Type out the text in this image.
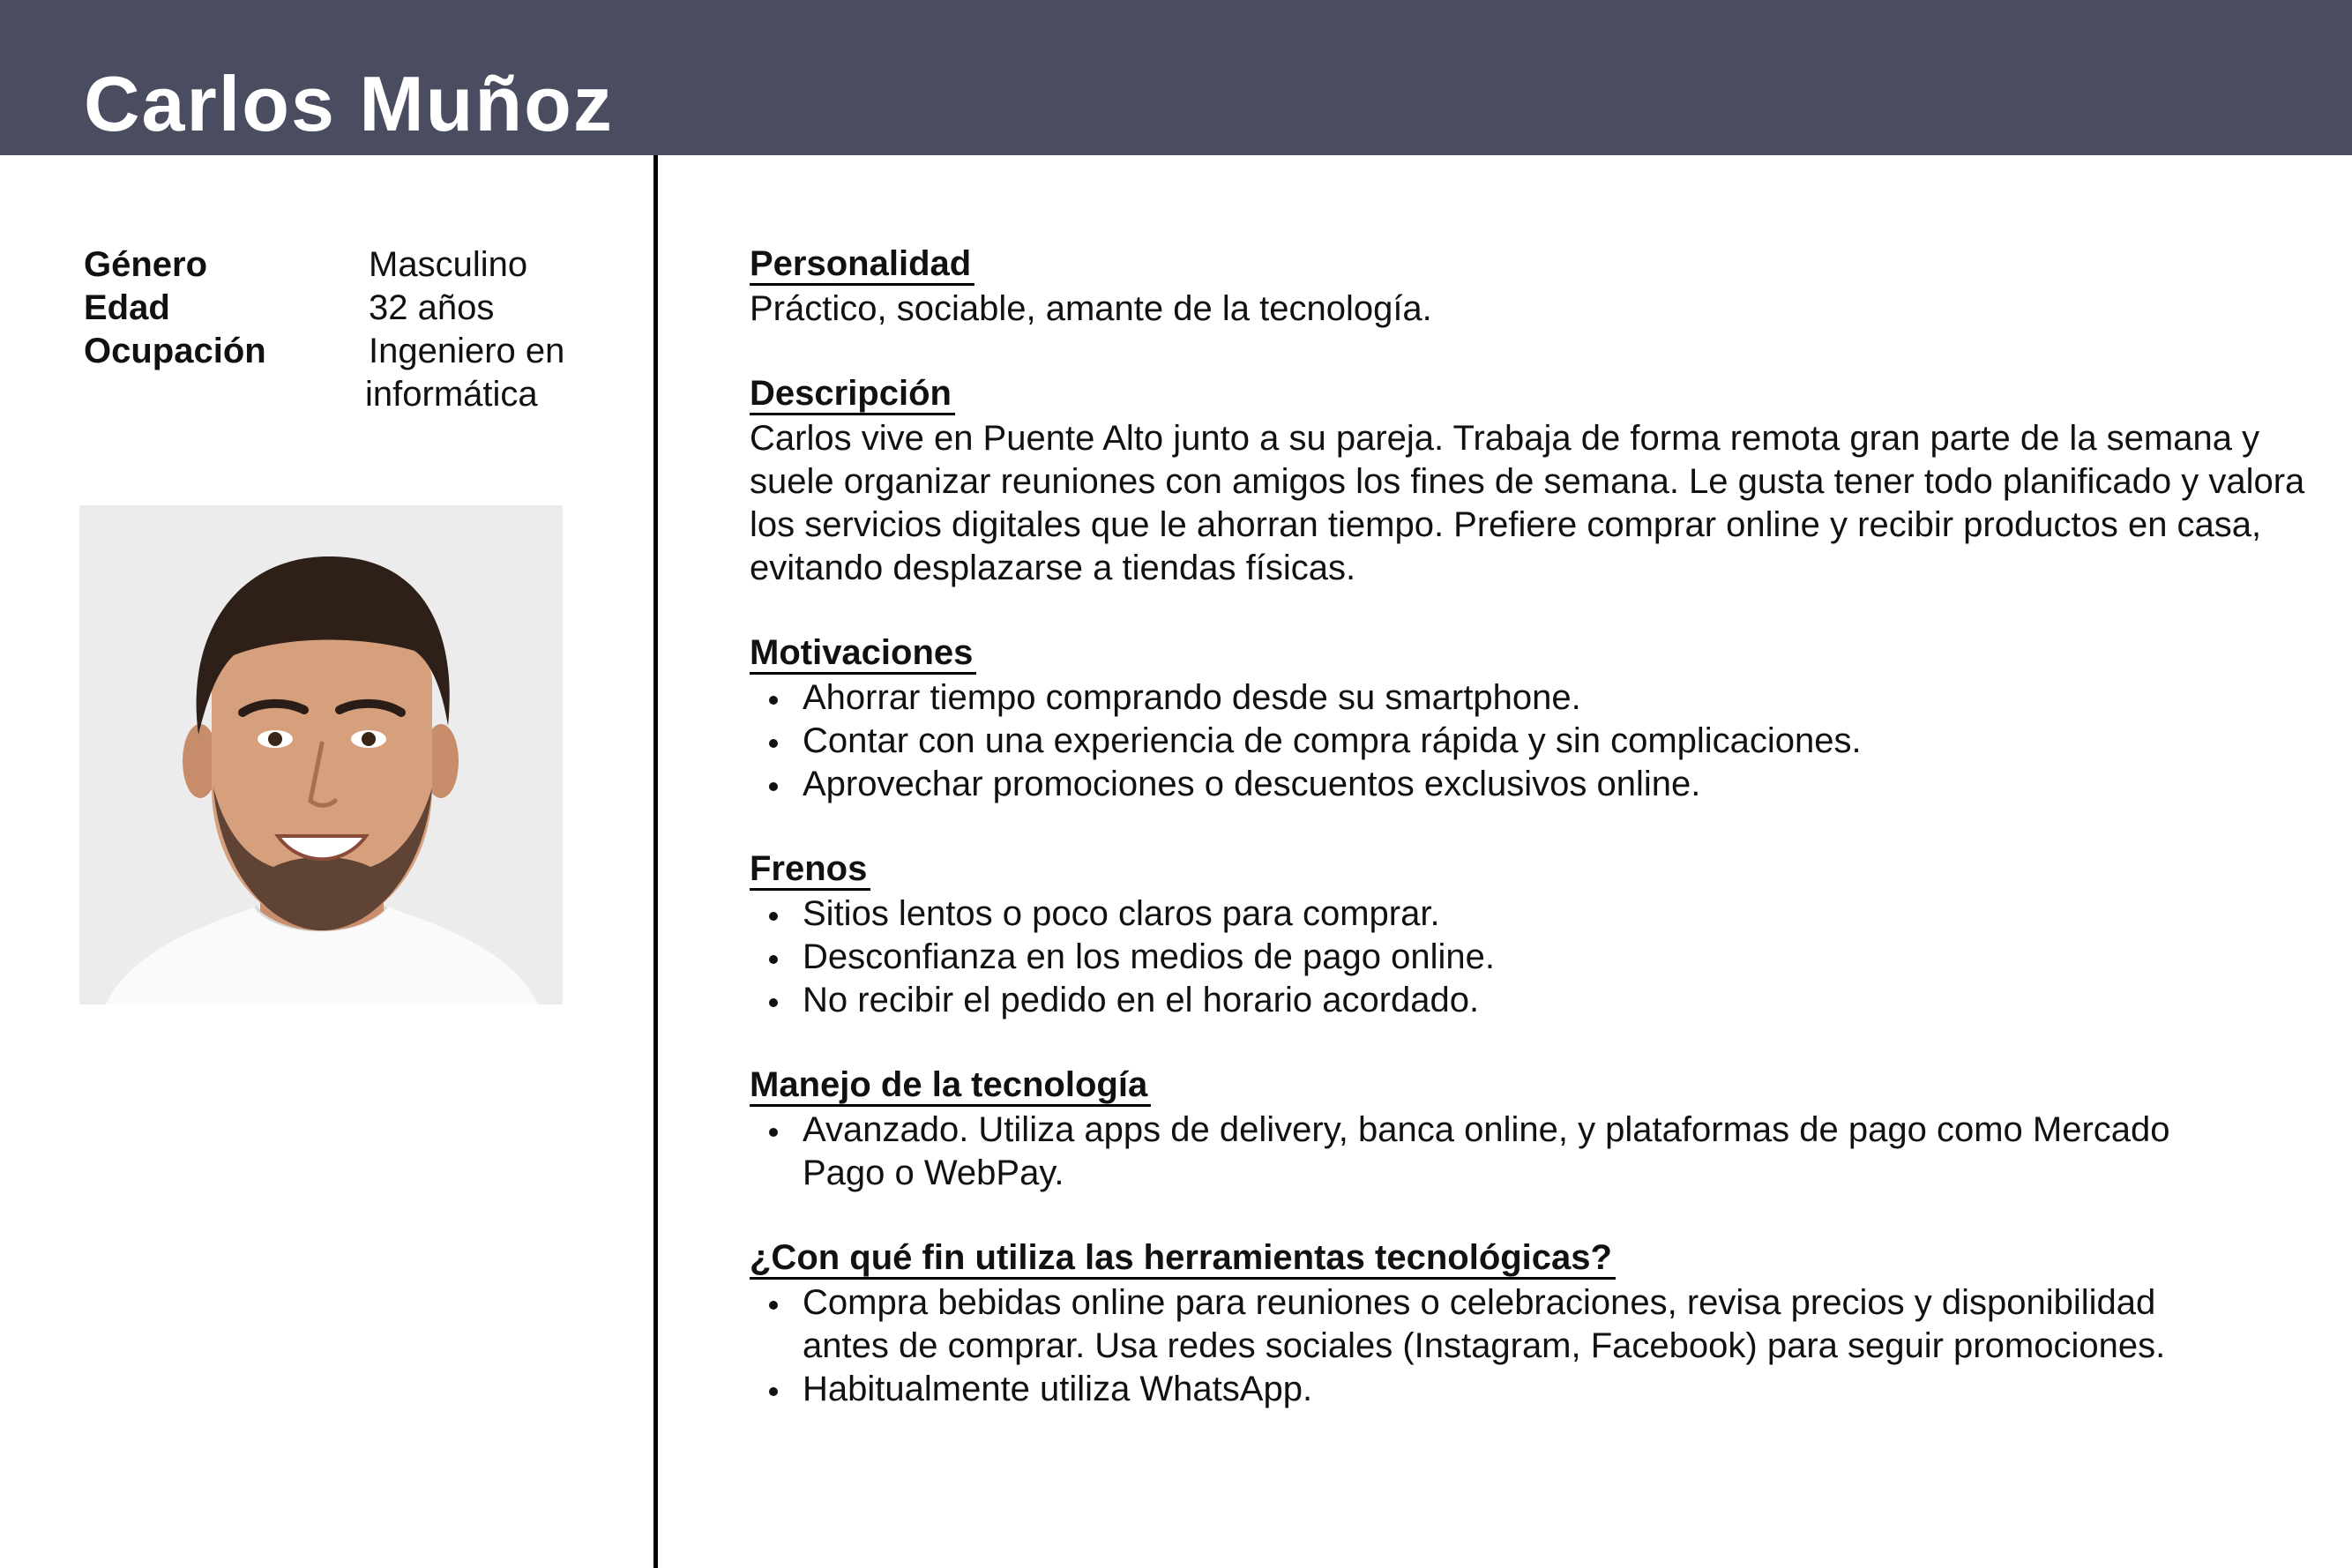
Carlos Muñoz
Género	Masculino
Edad	32 años
Ocupación	Ingeniero en
informática
Personalidad

Práctico, sociable, amante de la tecnología.

Descripción

Carlos vive en Puente Alto junto a su pareja. Trabaja de forma remota gran parte de la semana y suele organizar reuniones con amigos los fines de semana. Le gusta tener todo planificado y valora los servicios digitales que le ahorran tiempo. Prefiere comprar online y recibir productos en casa, evitando desplazarse a tiendas físicas.

Motivaciones
Ahorrar tiempo comprando desde su smartphone.
Contar con una experiencia de compra rápida y sin complicaciones.
Aprovechar promociones o descuentos exclusivos online.
Frenos
Sitios lentos o poco claros para comprar.
Desconfianza en los medios de pago online.
No recibir el pedido en el horario acordado.
Manejo de la tecnología
Avanzado. Utiliza apps de delivery, banca online, y plataformas de pago como Mercado Pago o WebPay.
¿Con qué fin utiliza las herramientas tecnológicas?
Compra bebidas online para reuniones o celebraciones, revisa precios y disponibilidad antes de comprar. Usa redes sociales (Instagram, Facebook) para seguir promociones.
Habitualmente utiliza WhatsApp.
